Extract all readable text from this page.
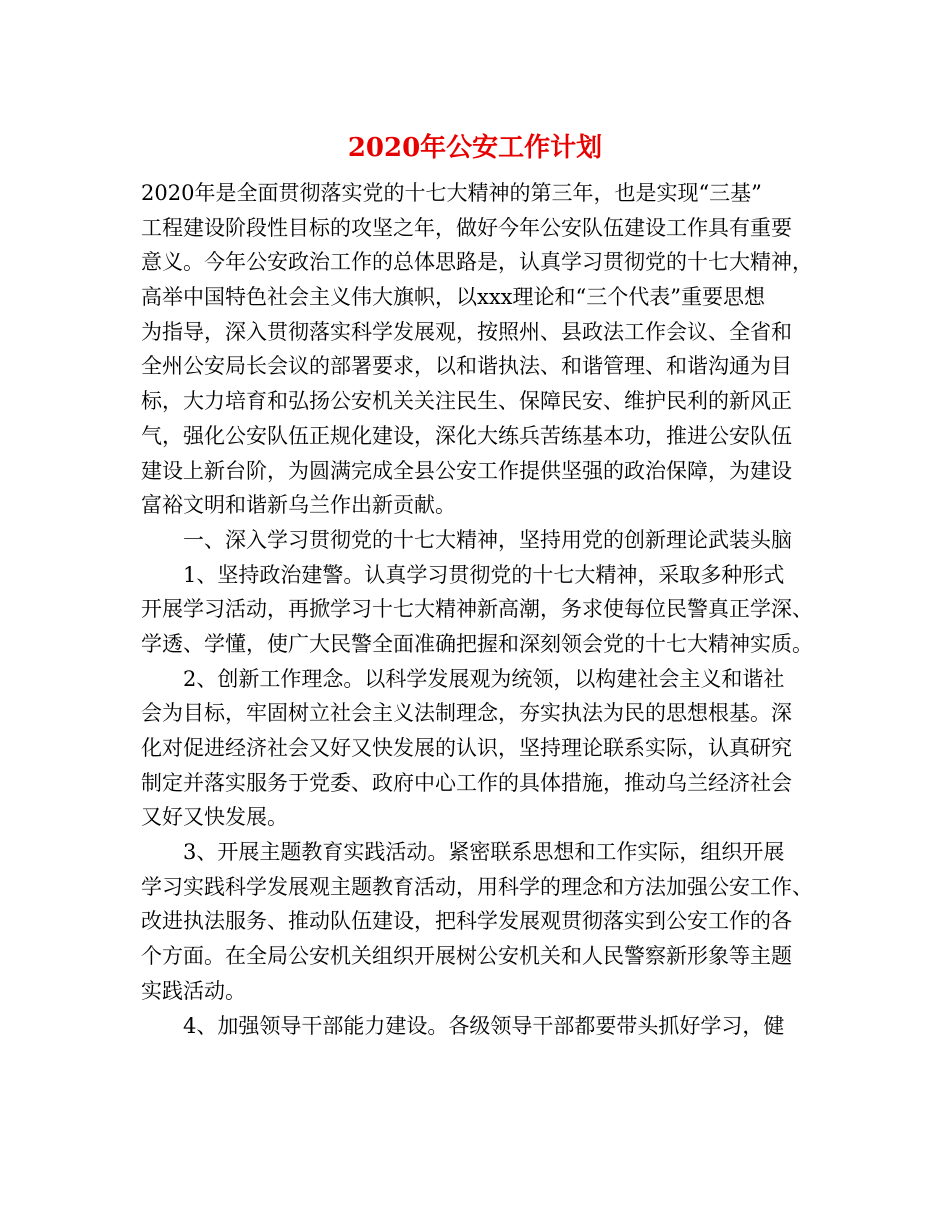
2020年公安工作计划

2020年是全面贯彻落实党的十七大精神的第三年，也是实现“三基”

工程建设阶段性目标的攻坚之年，做好今年公安队伍建设工作具有重要

意义。今年公安政治工作的总体思路是，认真学习贯彻党的十七大精神，

高举中国特色社会主义伟大旗帜，以xxx理论和“三个代表”重要思想

为指导，深入贯彻落实科学发展观，按照州、县政法工作会议、全省和

全州公安局长会议的部署要求，以和谐执法、和谐管理、和谐沟通为目

标，大力培育和弘扬公安机关关注民生、保障民安、维护民利的新风正

气，强化公安队伍正规化建设，深化大练兵苦练基本功，推进公安队伍

建设上新台阶，为圆满完成全县公安工作提供坚强的政治保障，为建设

富裕文明和谐新乌兰作出新贡献。

　　一、深入学习贯彻党的十七大精神，坚持用党的创新理论武装头脑

　　1、坚持政治建警。认真学习贯彻党的十七大精神，采取多种形式

开展学习活动，再掀学习十七大精神新高潮，务求使每位民警真正学深、

学透、学懂，使广大民警全面准确把握和深刻领会党的十七大精神实质。

　　2、创新工作理念。以科学发展观为统领，以构建社会主义和谐社

会为目标，牢固树立社会主义法制理念，夯实执法为民的思想根基。深

化对促进经济社会又好又快发展的认识，坚持理论联系实际，认真研究

制定并落实服务于党委、政府中心工作的具体措施，推动乌兰经济社会

又好又快发展。

　　3、开展主题教育实践活动。紧密联系思想和工作实际，组织开展

学习实践科学发展观主题教育活动，用科学的理念和方法加强公安工作、

改进执法服务、推动队伍建设，把科学发展观贯彻落实到公安工作的各

个方面。在全局公安机关组织开展树公安机关和人民警察新形象等主题

实践活动。

　　4、加强领导干部能力建设。各级领导干部都要带头抓好学习，健
